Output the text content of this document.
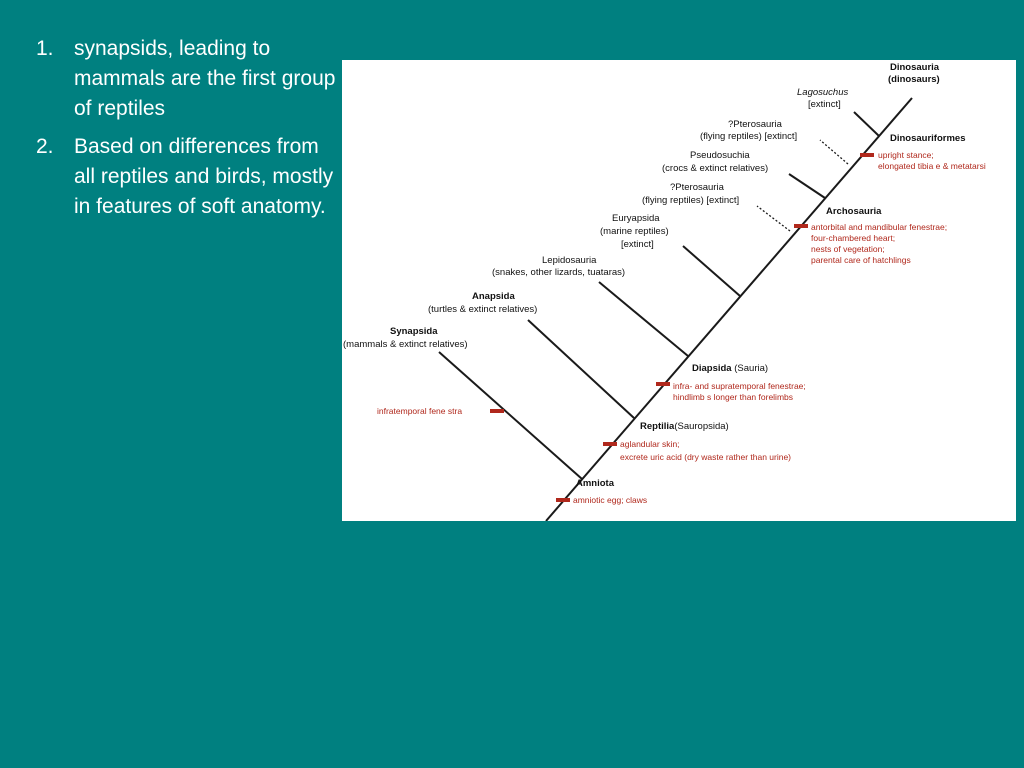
1. synapsids, leading to mammals are the first group of reptiles
2. Based on differences from all reptiles and birds, mostly in features of soft anatomy.
Dinosauria
(dinosaurs)
Lagosuchus
[extinct]
?Pterosauria
(flying reptiles) [extinct]	Dinosauriformes
Pseudosuchia
(crocs & extinct relatives)
?Pterosauria
(flying reptiles) [extinct]
Archosauria
Euryapsida
(marine reptiles)
[extinct]
Lepidosauria
(snakes, other lizards, tuataras)
Anapsida
(turtles & extinct relatives)
Synapsida
(mammals & extinct relatives)
Diapsida (Sauria)
Reptilia(Sauropsida)
Amniota
upright stance;
elongated tibia e & metatarsi
antorbital and mandibular fenestrae;
four-chambered heart;
nests of vegetation;
parental care of hatchlings
infratemporal fene stra
infra- and supratemporal fenestrae;
hindlimb s longer than forelimbs
aglandular skin;
excrete uric acid (dry waste rather than urine)
amniotic egg; claws
